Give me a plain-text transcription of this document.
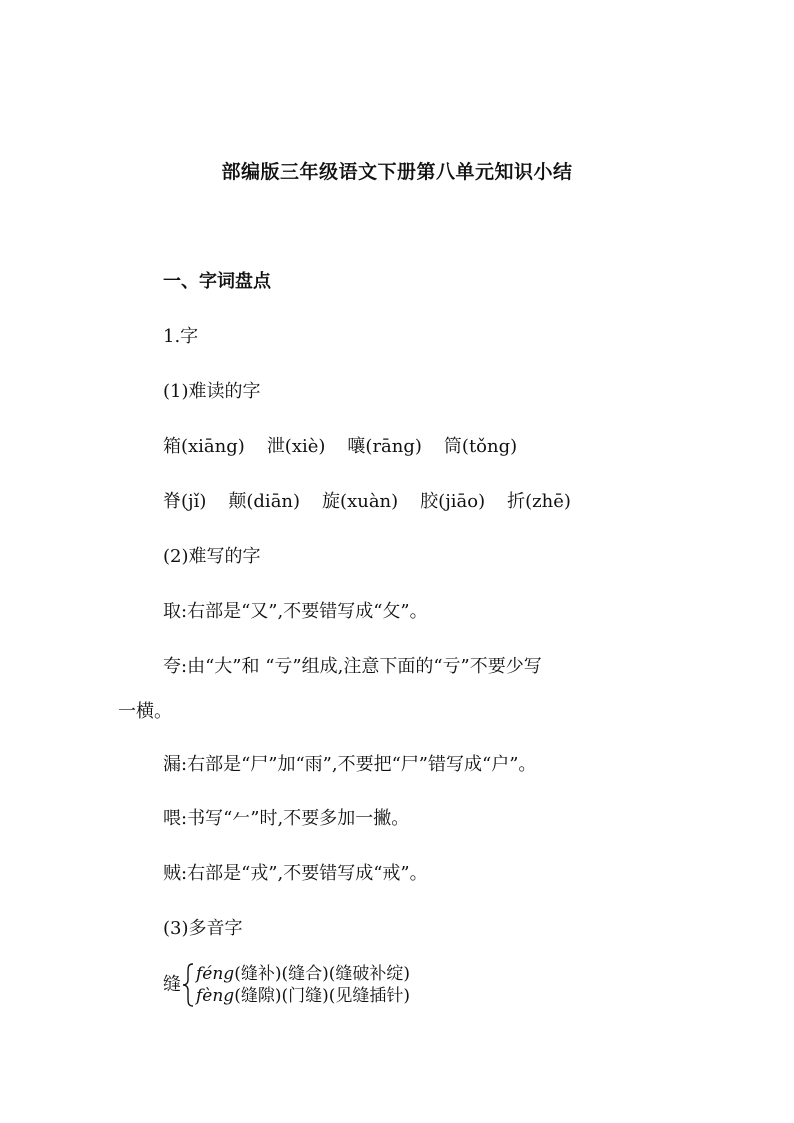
部编版三年级语文下册第八单元知识小结
一、字词盘点
1.字
(1)难读的字
箱(xiāng) 泄(xiè) 嚷(rāng) 筒(tǒng)
脊(jǐ) 颠(diān) 旋(xuàn) 胶(jiāo) 折(zhē)
(2)难写的字
取:右部是“又”,不要错写成“攵”。
夸:由“大”和 “亏”组成,注意下面的“亏”不要少写
一横。
漏:右部是“尸”加“雨”,不要把“尸”错写成“户”。
喂:书写“𠂉”时,不要多加一撇。
贼:右部是“戎”,不要错写成“戒”。
(3)多音字
缝 féng(缝补)(缝合)(缝破补绽)
fèng(缝隙)(门缝)(见缝插针)
